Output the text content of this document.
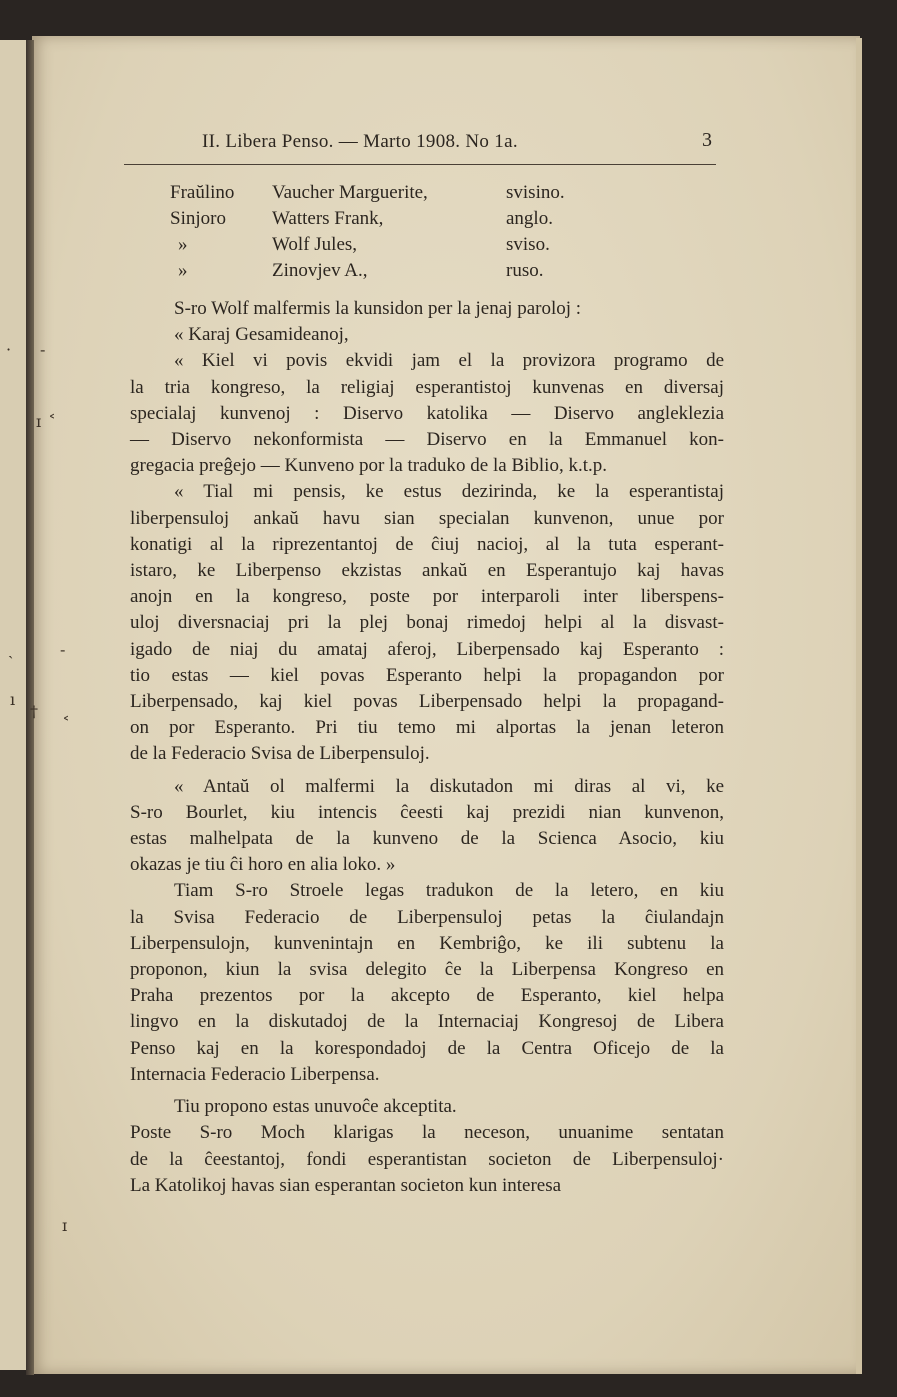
· -
ɪ ˂
ˎ	-
ı
†
˂
ɪ
II. Libera Penso. — Marto 1908. No 1a.	3
Fraŭlino Vaucher Marguerite,	svisino.
Sinjoro Watters Frank,	anglo.
»	Wolf Jules,	sviso.
»	Zinovjev A.,	ruso.
S-ro Wolf malfermis la kunsidon per la jenaj paroloj :
« Karaj Gesamideanoj,
« Kiel vi povis ekvidi jam el la provizora programo de
la tria kongreso, la religiaj esperantistoj kunvenas en diversaj
specialaj kunvenoj : Diservo katolika — Diservo angleklezia
— Diservo nekonformista — Diservo en la Emmanuel kon-
gregacia preĝejo — Kunveno por la traduko de la Biblio, k.t.p.
« Tial mi pensis, ke estus dezirinda, ke la esperantistaj
liberpensuloj ankaŭ havu sian specialan kunvenon, unue por
konatigi al la riprezentantoj de ĉiuj nacioj, al la tuta esperant-
istaro, ke Liberpenso ekzistas ankaŭ en Esperantujo kaj havas
anojn en la kongreso, poste por interparoli inter liberspens-
uloj diversnaciaj pri la plej bonaj rimedoj helpi al la disvast-
igado de niaj du amataj aferoj, Liberpensado kaj Esperanto :
tio estas — kiel povas Esperanto helpi la propagandon por
Liberpensado, kaj kiel povas Liberpensado helpi la propagand-
on por Esperanto. Pri tiu temo mi alportas la jenan leteron
de la Federacio Svisa de Liberpensuloj.
« Antaŭ ol malfermi la diskutadon mi diras al vi, ke
S-ro Bourlet, kiu intencis ĉeesti kaj prezidi nian kunvenon,
estas malhelpata de la kunveno de la Scienca Asocio, kiu
okazas je tiu ĉi horo en alia loko. »
Tiam S-ro Stroele legas tradukon de la letero, en kiu
la Svisa Federacio de Liberpensuloj petas la ĉiulandajn
Liberpensulojn, kunvenintajn en Kembriĝo, ke ili subtenu la
proponon, kiun la svisa delegito ĉe la Liberpensa Kongreso en
Praha prezentos por la akcepto de Esperanto, kiel helpa
lingvo en la diskutadoj de la Internaciaj Kongresoj de Libera
Penso kaj en la korespondadoj de la Centra Oficejo de la
Internacia Federacio Liberpensa.
Tiu propono estas unuvoĉe akceptita.
Poste S-ro Moch klarigas la neceson, unuanime sentatan
de la ĉeestantoj, fondi esperantistan societon de Liberpensuloj·
La Katolikoj havas sian esperantan societon kun interesa
